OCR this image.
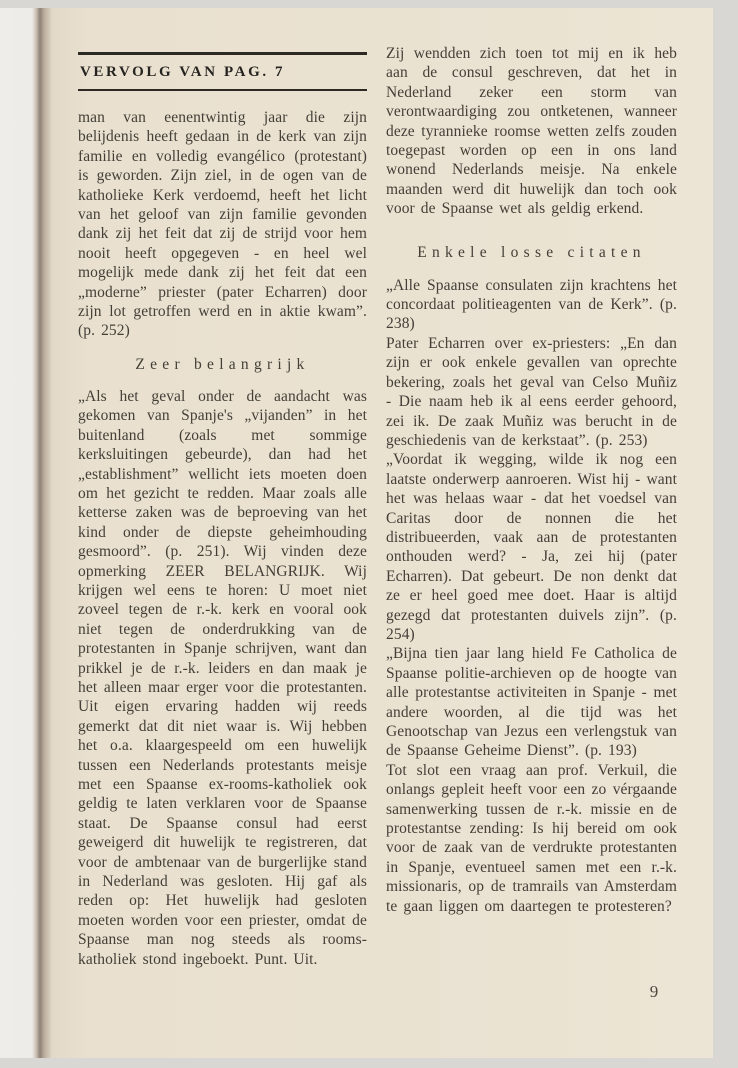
VERVOLG VAN PAG. 7

man van eenentwintig jaar die zijn belijdenis heeft gedaan in de kerk van zijn familie en volledig evangélico (protestant) is geworden. Zijn ziel, in de ogen van de katholieke Kerk verdoemd, heeft het licht van het geloof van zijn familie gevonden dank zij het feit dat zij de strijd voor hem nooit heeft opgegeven - en heel wel mogelijk mede dank zij het feit dat een „moderne” priester (pater Echarren) door zijn lot getroffen werd en in aktie kwam”. (p. 252)

Zeer belangrijk

„Als het geval onder de aandacht was gekomen van Spanje's „vijanden” in het buitenland (zoals met sommige kerksluitingen gebeurde), dan had het „establishment” wellicht iets moeten doen om het gezicht te redden. Maar zoals alle ketterse zaken was de beproeving van het kind onder de diepste geheimhouding gesmoord”. (p. 251). Wij vinden deze opmerking ZEER BELANGRIJK. Wij krijgen wel eens te horen: U moet niet zoveel tegen de r.-k. kerk en vooral ook niet tegen de onderdrukking van de protestanten in Spanje schrijven, want dan prikkel je de r.-k. leiders en dan maak je het alleen maar erger voor die protestanten. Uit eigen ervaring hadden wij reeds gemerkt dat dit niet waar is. Wij hebben het o.a. klaargespeeld om een huwelijk tussen een Nederlands protestants meisje met een Spaanse ex-rooms-katholiek ook geldig te laten verklaren voor de Spaanse staat. De Spaanse consul had eerst geweigerd dit huwelijk te registreren, dat voor de ambtenaar van de burgerlijke stand in Nederland was gesloten. Hij gaf als reden op: Het huwelijk had gesloten moeten worden voor een priester, omdat de Spaanse man nog steeds als rooms-katholiek stond ingeboekt. Punt. Uit.

Zij wendden zich toen tot mij en ik heb aan de consul geschreven, dat het in Nederland zeker een storm van verontwaardiging zou ontketenen, wanneer deze tyrannieke roomse wetten zelfs zouden toegepast worden op een in ons land wonend Nederlands meisje. Na enkele maanden werd dit huwelijk dan toch ook voor de Spaanse wet als geldig erkend.

Enkele losse citaten

„Alle Spaanse consulaten zijn krachtens het concordaat politieagenten van de Kerk”. (p. 238)

Pater Echarren over ex-priesters: „En dan zijn er ook enkele gevallen van oprechte bekering, zoals het geval van Celso Muñiz - Die naam heb ik al eens eerder gehoord, zei ik. De zaak Muñiz was berucht in de geschiedenis van de kerkstaat”. (p. 253)

„Voordat ik wegging, wilde ik nog een laatste onderwerp aanroeren. Wist hij - want het was helaas waar - dat het voedsel van Caritas door de nonnen die het distribueerden, vaak aan de protestanten onthouden werd? - Ja, zei hij (pater Echarren). Dat gebeurt. De non denkt dat ze er heel goed mee doet. Haar is altijd gezegd dat protestanten duivels zijn”. (p. 254)

„Bijna tien jaar lang hield Fe Catholica de Spaanse politie-archieven op de hoogte van alle protestantse activiteiten in Spanje - met andere woorden, al die tijd was het Genootschap van Jezus een verlengstuk van de Spaanse Geheime Dienst”. (p. 193)

Tot slot een vraag aan prof. Verkuil, die onlangs gepleit heeft voor een zo vérgaande samenwerking tussen de r.-k. missie en de protestantse zending: Is hij bereid om ook voor de zaak van de verdrukte protestanten in Spanje, eventueel samen met een r.-k. missionaris, op de tramrails van Amsterdam te gaan liggen om daartegen te protesteren?

9
